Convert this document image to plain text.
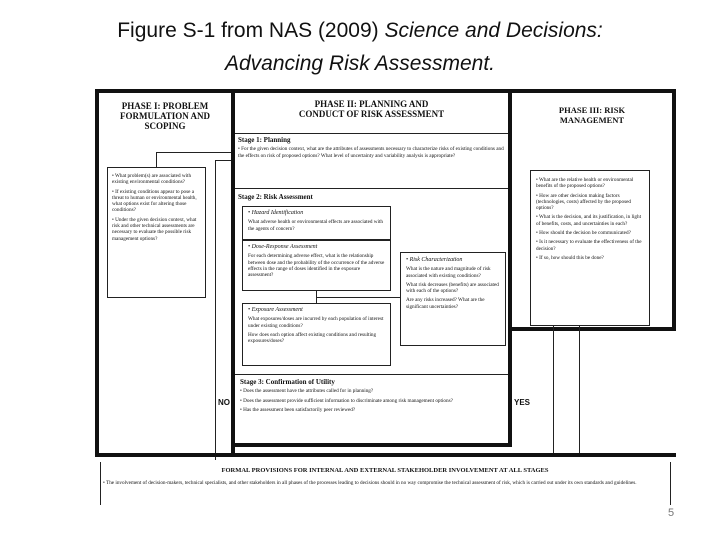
Figure S-1 from NAS (2009) Science and Decisions:
Advancing Risk Assessment.
PHASE I: PROBLEM FORMULATION AND SCOPING

• What problem(s) are associated with existing environmental conditions?

• If existing conditions appear to pose a threat to human or environmental health, what options exist for altering those conditions?

• Under the given decision context, what risk and other technical assessments are necessary to evaluate the possible risk management options?

PHASE II: PLANNING AND CONDUCT OF RISK ASSESSMENT
Stage 1: Planning
• For the given decision context, what are the attributes of assessments necessary to characterize risks of existing conditions and the effects on risk of proposed options? What level of uncertainty and variability analysis is appropriate?
Stage 2: Risk Assessment
• Hazard Identification
What adverse health or environmental effects are associated with the agents of concern?
• Dose-Response Assessment
For each determining adverse effect, what is the relationship between dose and the probability of the occurrence of the adverse effects in the range of doses identified in the exposure assessment?
• Exposure Assessment

What exposures/doses are incurred by each population of interest under existing conditions?

How does each option affect existing conditions and resulting exposures/doses?

• Risk Characterization

What is the nature and magnitude of risk associated with existing conditions?

What risk decreases (benefits) are associated with each of the options?

Are any risks increased? What are the significant uncertainties?

Stage 3: Confirmation of Utility

• Does the assessment have the attributes called for in planning?

• Does the assessment provide sufficient information to discriminate among risk management options?

• Has the assessment been satisfactorily peer reviewed?

NO	YES
PHASE III: RISK MANAGEMENT

• What are the relative health or environmental benefits of the proposed options?

• How are other decision making factors (technologies, costs) affected by the proposed options?

• What is the decision, and its justification, in light of benefits, costs, and uncertainties in each?

• How should the decision be communicated?

• Is it necessary to evaluate the effectiveness of the decision?

• If so, how should this be done?

FORMAL PROVISIONS FOR INTERNAL AND EXTERNAL STAKEHOLDER INVOLVEMENT AT ALL STAGES
• The involvement of decision-makers, technical specialists, and other stakeholders in all phases of the processes leading to decisions should in no way compromise the technical assessment of risk, which is carried out under its own standards and guidelines.
5
